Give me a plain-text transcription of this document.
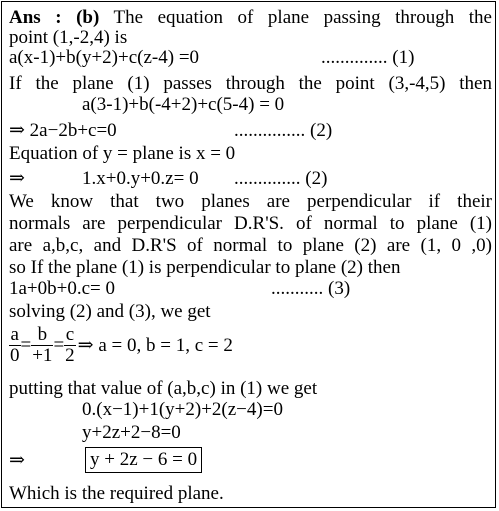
Ans : (b) The equation of plane passing through the
point (1,-2,4) is
a(x-1)+b(y+2)+c(z-4) =0	.............. (1)
If the plane (1) passes through the point (3,-4,5) then
a(3-1)+b(-4+2)+c(5-4) = 0
⇒ 2a−2b+c=0	............... (2)
Equation of y = plane is x = 0
⇒	1.x+0.y+0.z= 0 .............. (2)
We know that two planes are perpendicular if their
normals are perpendicular D.R'S. of normal to plane (1)
are a,b,c, and D.R'S of normal to plane (2) are (1, 0 ,0)
so If the plane (1) is perpendicular to plane (2) then
1a+0b+0.c= 0	........... (3)
solving (2) and (3), we get
$\frac{a}{0} = \frac{b}{+1} = \frac{c}{2}$ ⇒ a = 0, b = 1, c = 2
putting that value of (a,b,c) in (1) we get
0.(x−1)+1(y+2)+2(z−4)=0
y+2z+2−8=0
⇒	y + 2z − 6 = 0
Which is the required plane.
